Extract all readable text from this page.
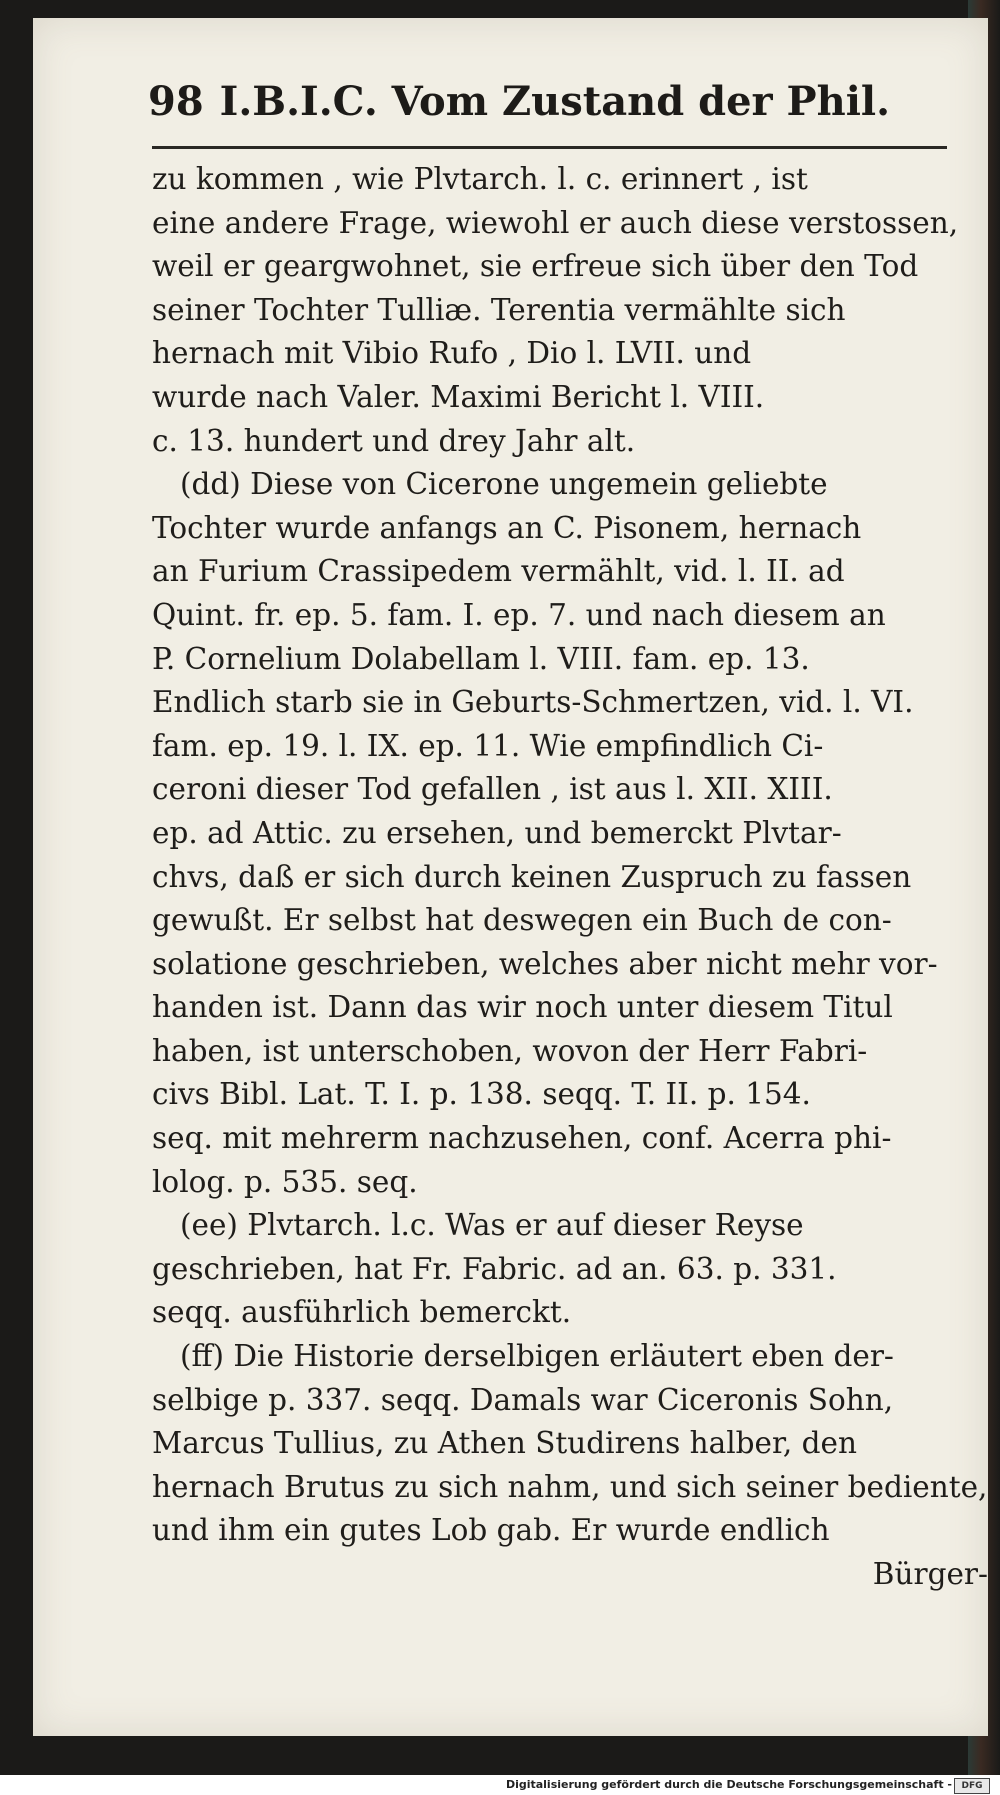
98 I.B.I.C. Vom Zustand der Phil.
zu kommen , wie Plvtarch. l. c. erinnert , ist
eine andere Frage, wiewohl er auch diese verstossen,
weil er geargwohnet, sie erfreue sich über den Tod
seiner Tochter Tulliæ. Terentia vermählte sich
hernach mit Vibio Rufo , Dio l. LVII. und
wurde nach Valer. Maximi Bericht l. VIII.
c. 13. hundert und drey Jahr alt.
(dd) Diese von Cicerone ungemein geliebte
Tochter wurde anfangs an C. Pisonem, hernach
an Furium Crassipedem vermählt, vid. l. II. ad
Quint. fr. ep. 5. fam. I. ep. 7. und nach diesem an
P. Cornelium Dolabellam l. VIII. fam. ep. 13.
Endlich starb sie in Geburts-Schmertzen, vid. l. VI.
fam. ep. 19. l. IX. ep. 11. Wie empfindlich Ci-
ceroni dieser Tod gefallen , ist aus l. XII. XIII.
ep. ad Attic. zu ersehen, und bemerckt Plvtar-
chvs, daß er sich durch keinen Zuspruch zu fassen
gewußt. Er selbst hat deswegen ein Buch de con-
solatione geschrieben, welches aber nicht mehr vor-
handen ist. Dann das wir noch unter diesem Titul
haben, ist unterschoben, wovon der Herr Fabri-
civs Bibl. Lat. T. I. p. 138. seqq. T. II. p. 154.
seq. mit mehrerm nachzusehen, conf. Acerra phi-
lolog. p. 535. seq.
(ee) Plvtarch. l.c. Was er auf dieser Reyse
geschrieben, hat Fr. Fabric. ad an. 63. p. 331.
seqq. ausführlich bemerckt.
(ff) Die Historie derselbigen erläutert eben der-
selbige p. 337. seqq. Damals war Ciceronis Sohn,
Marcus Tullius, zu Athen Studirens halber, den
hernach Brutus zu sich nahm, und sich seiner bediente,
und ihm ein gutes Lob gab. Er wurde endlich
Bürger-
Digitalisierung gefördert durch die Deutsche Forschungsgemeinschaft -	DFG
